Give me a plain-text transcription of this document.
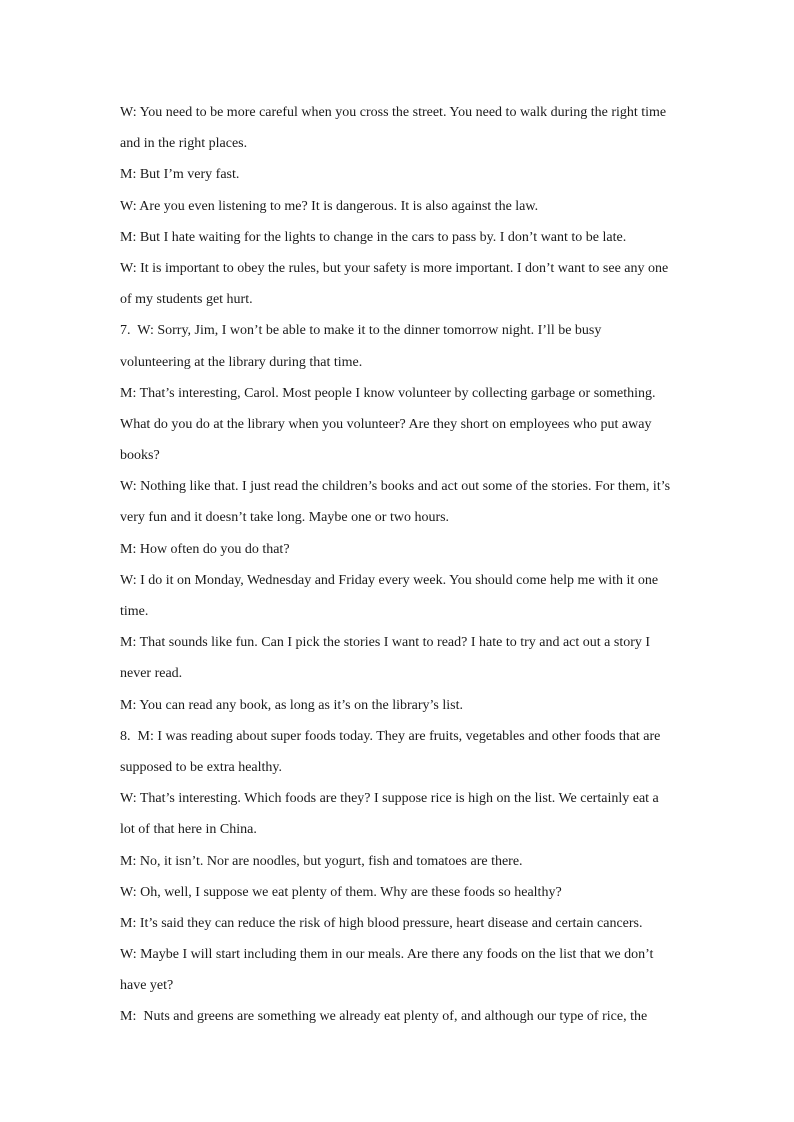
W: You need to be more careful when you cross the street. You need to walk during the right time
and in the right places.
M: But I’m very fast.
W: Are you even listening to me? It is dangerous. It is also against the law.
M: But I hate waiting for the lights to change in the cars to pass by. I don’t want to be late.
W: It is important to obey the rules, but your safety is more important. I don’t want to see any one
of my students get hurt.
7.  W: Sorry, Jim, I won’t be able to make it to the dinner tomorrow night. I’ll be busy
volunteering at the library during that time.
M: That’s interesting, Carol. Most people I know volunteer by collecting garbage or something.
What do you do at the library when you volunteer? Are they short on employees who put away
books?
W: Nothing like that. I just read the children’s books and act out some of the stories. For them, it’s
very fun and it doesn’t take long. Maybe one or two hours.
M: How often do you do that?
W: I do it on Monday, Wednesday and Friday every week. You should come help me with it one
time.
M: That sounds like fun. Can I pick the stories I want to read? I hate to try and act out a story I
never read.
M: You can read any book, as long as it’s on the library’s list.
8.  M: I was reading about super foods today. They are fruits, vegetables and other foods that are
supposed to be extra healthy.
W: That’s interesting. Which foods are they? I suppose rice is high on the list. We certainly eat a
lot of that here in China.
M: No, it isn’t. Nor are noodles, but yogurt, fish and tomatoes are there.
W: Oh, well, I suppose we eat plenty of them. Why are these foods so healthy?
M: It’s said they can reduce the risk of high blood pressure, heart disease and certain cancers.
W: Maybe I will start including them in our meals. Are there any foods on the list that we don’t
have yet?
M:  Nuts and greens are something we already eat plenty of, and although our type of rice, the
